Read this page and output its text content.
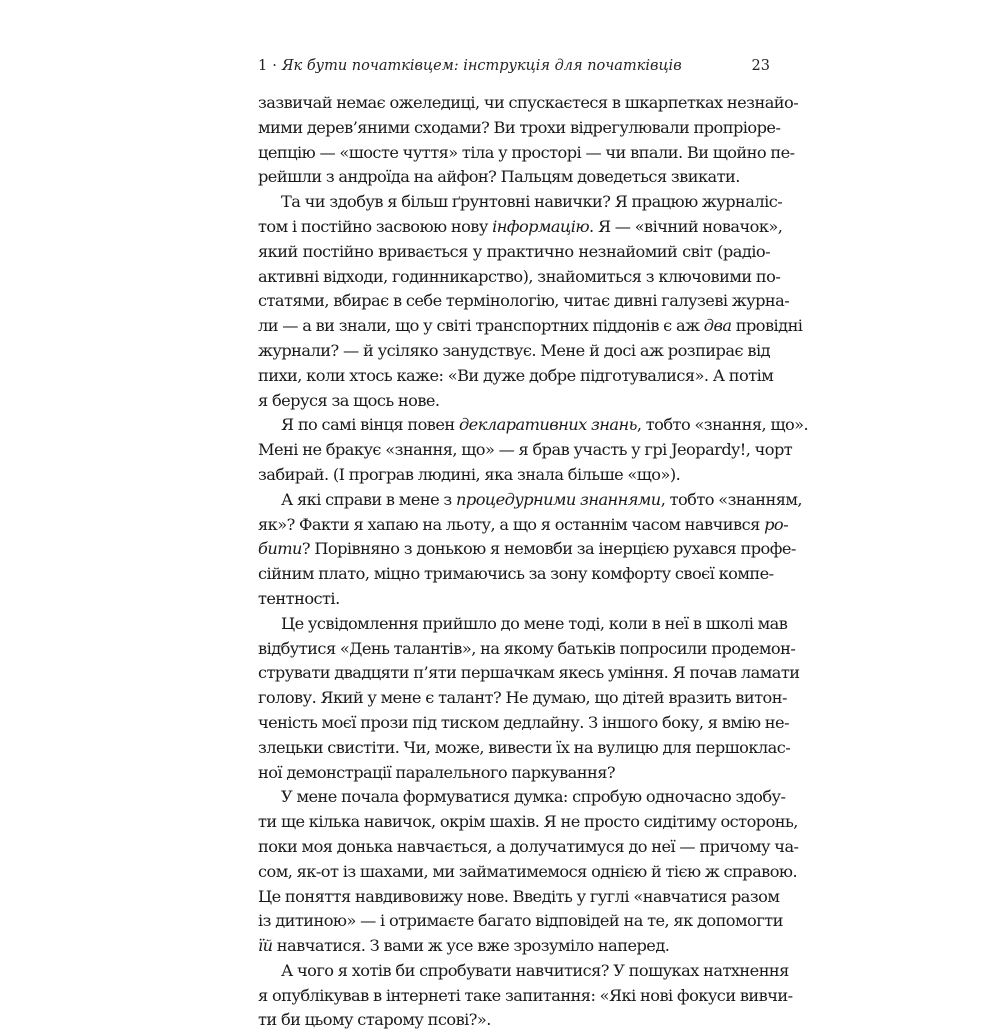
1 · Як бути початківцем: інструкція для початківців	23
зазвичай немає ожеледиці, чи спускаєтеся в шкарпетках незнайо-
мими дерев’яними сходами? Ви трохи відрегулювали пропріоре-
цепцію — «шосте чуття» тіла у просторі — чи впали. Ви щойно пе-
рейшли з андроїда на айфон? Пальцям доведеться звикати.
Та чи здобув я більш ґрунтовні навички? Я працюю журналіс-
том і постійно засвоюю нову інформацію. Я — «вічний новачок»,
який постійно вривається у практично незнайомий світ (радіо-
активні відходи, годинникарство), знайомиться з ключовими по-
статями, вбирає в себе термінологію, читає дивні галузеві журна-
ли — а ви знали, що у світі транспортних піддонів є аж два провідні
журнали? — й усіляко занудствує. Мене й досі аж розпирає від
пихи, коли хтось каже: «Ви дуже добре підготувалися». А потім
я беруся за щось нове.
Я по самі вінця повен декларативних знань, тобто «знання, що».
Мені не бракує «знання, що» — я брав участь у грі Jeopardy!, чорт
забирай. (І програв людині, яка знала більше «що»).
А які справи в мене з процедурними знаннями, тобто «знанням,
як»? Факти я хапаю на льоту, а що я останнім часом навчився ро-
бити? Порівняно з донькою я немовби за інерцією рухався профе-
сійним плато, міцно тримаючись за зону комфорту своєї компе-
тентності.
Це усвідомлення прийшло до мене тоді, коли в неї в школі мав
відбутися «День талантів», на якому батьків попросили продемон-
струвати двадцяти п’яти першачкам якесь уміння. Я почав ламати
голову. Який у мене є талант? Не думаю, що дітей вразить витон-
ченість моєї прози під тиском дедлайну. З іншого боку, я вмію не-
злецьки свистіти. Чи, може, вивести їх на вулицю для першоклас-
ної демонстрації паралельного паркування?
У мене почала формуватися думка: спробую одночасно здобу-
ти ще кілька навичок, окрім шахів. Я не просто сидітиму осторонь,
поки моя донька навчається, а долучатимуся до неї — причому ча-
сом, як-от із шахами, ми займатимемося однією й тією ж справою.
Це поняття навдивовижу нове. Введіть у гуглі «навчатися разом
із дитиною» — і отримаєте багато відповідей на те, як допомогти
їй навчатися. З вами ж усе вже зрозуміло наперед.
А чого я хотів би спробувати навчитися? У пошуках натхнення
я опублікував в інтернеті таке запитання: «Які нові фокуси вивчи-
ти би цьому старому псові?».
